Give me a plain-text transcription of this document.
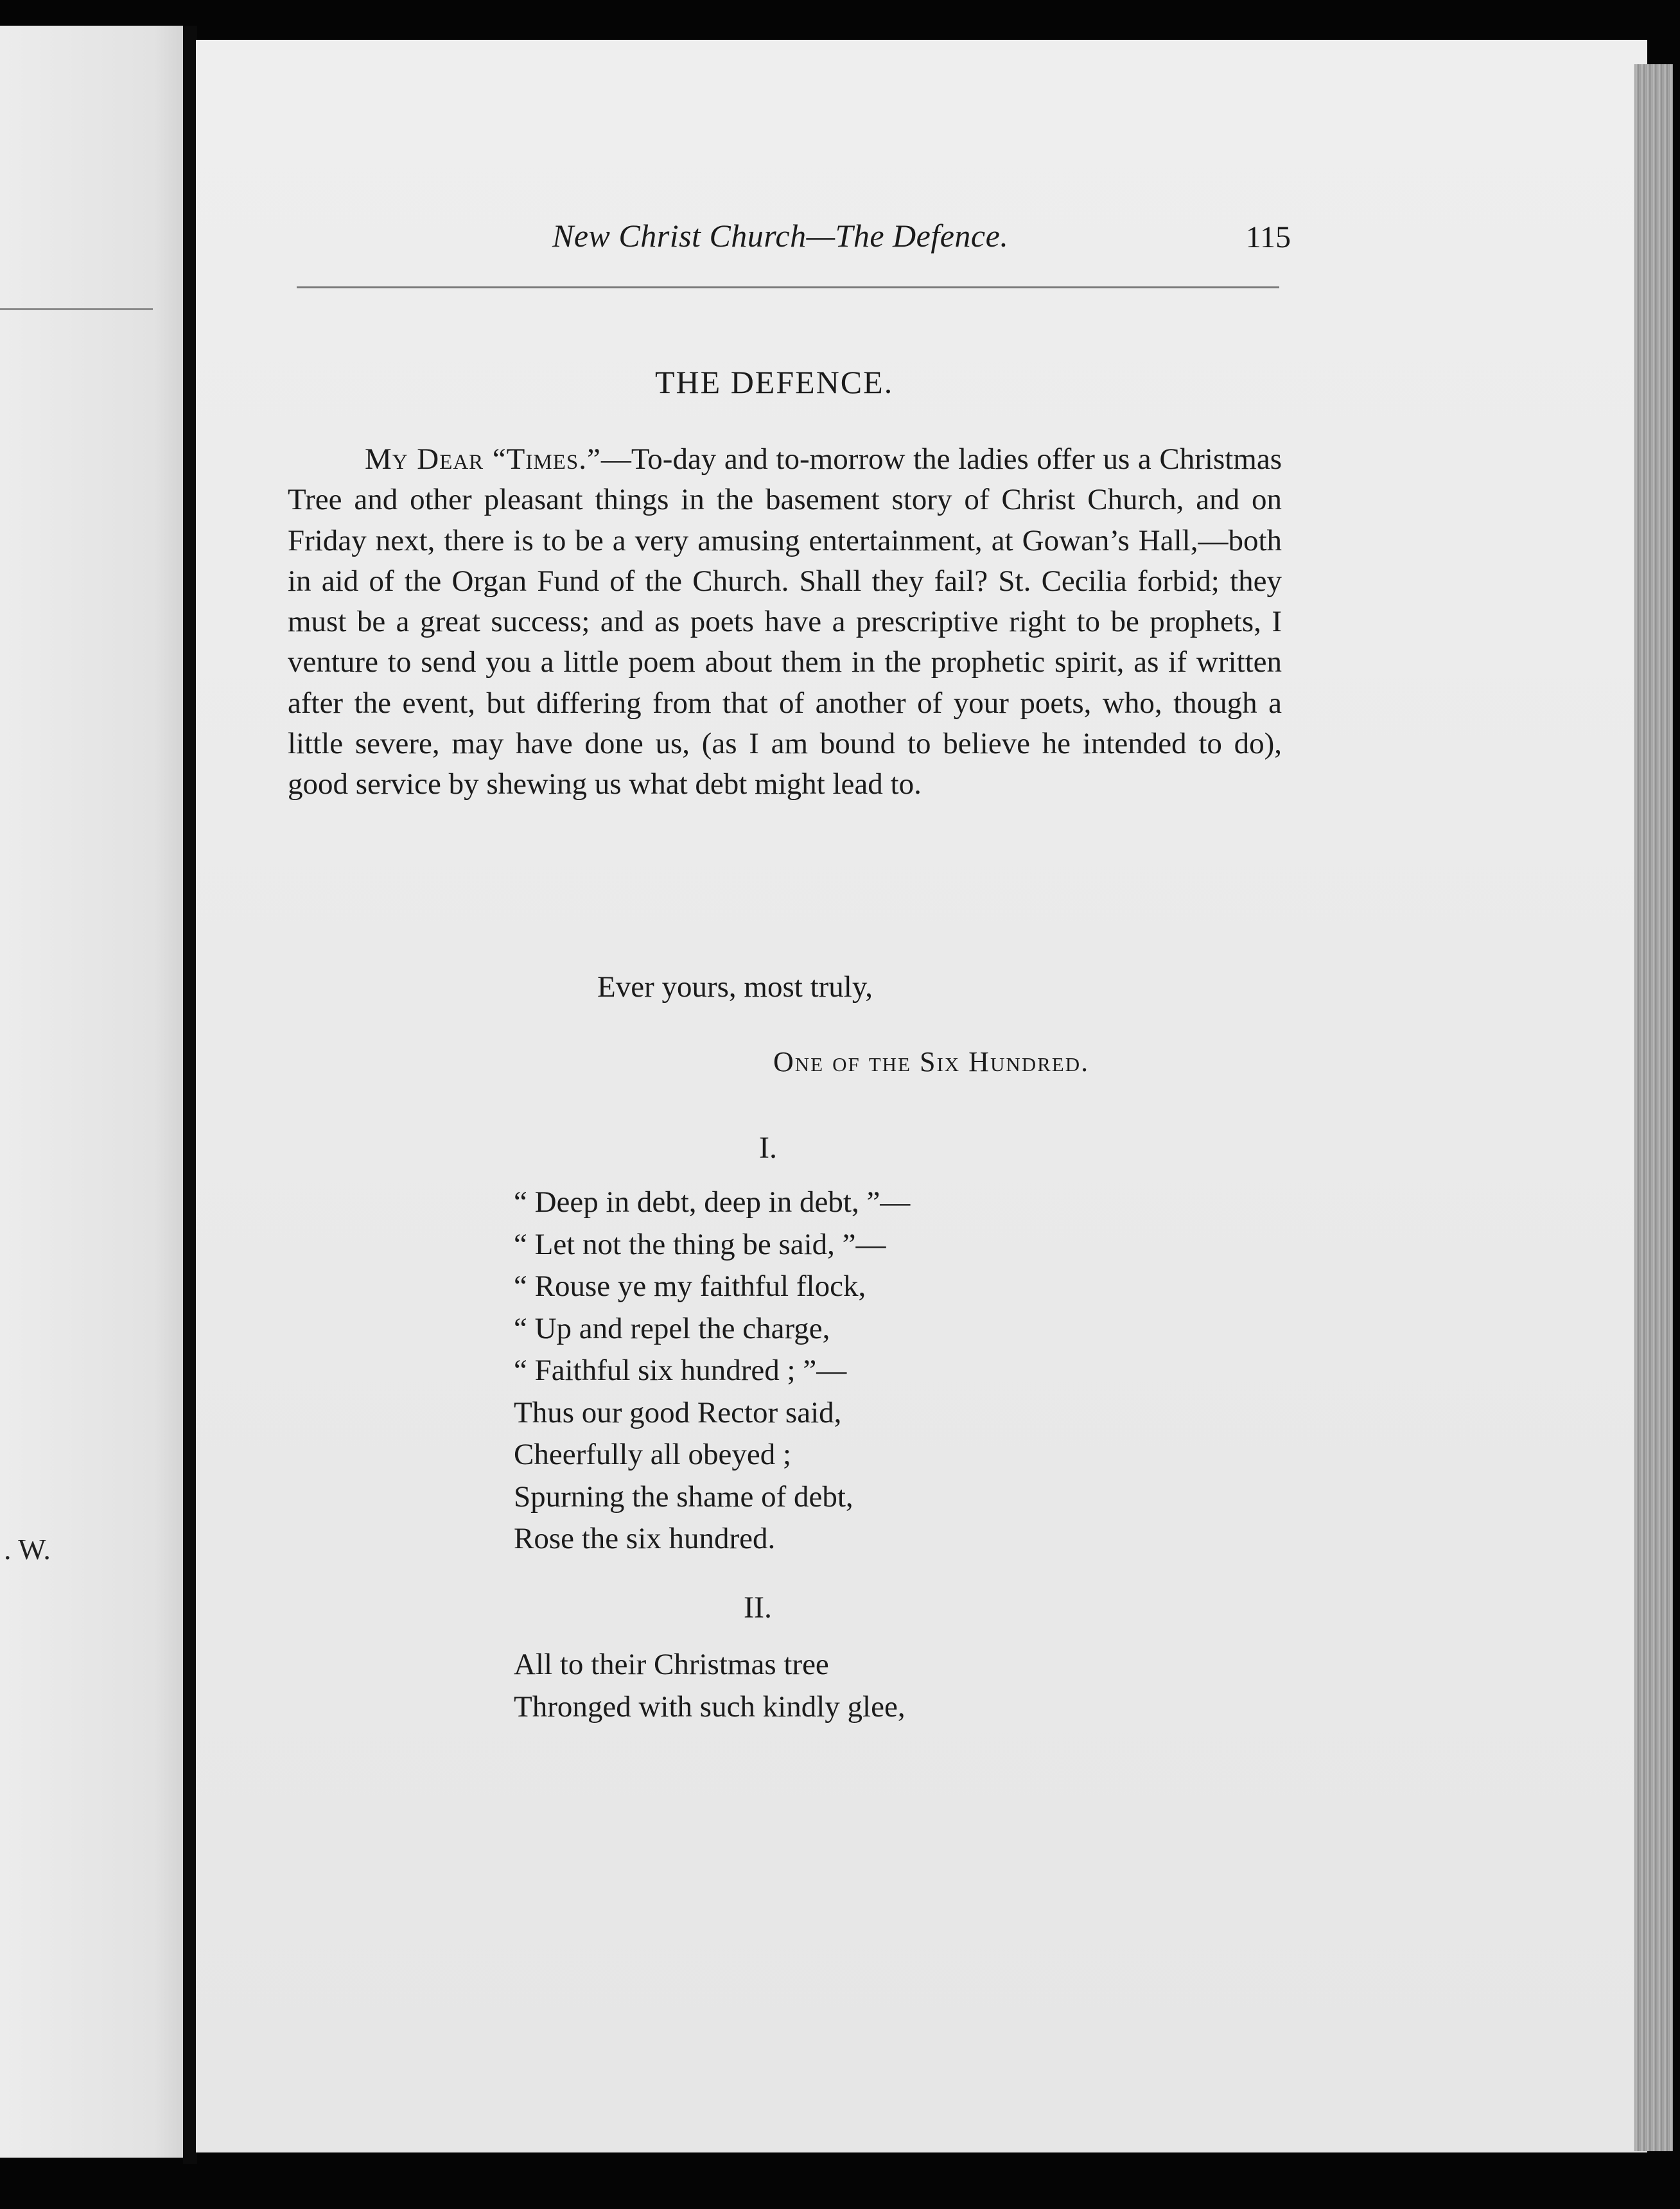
. W.
New Christ Church—The Defence.	115
THE DEFENCE.
My Dear “Times.”—To-day and to-morrow the ladies offer us a Christmas Tree and other pleasant things in the basement story of Christ Church, and on Friday next, there is to be a very amusing entertainment, at Gowan’s Hall,—both in aid of the Organ Fund of the Church. Shall they fail? St. Cecilia forbid; they must be a great success; and as poets have a prescriptive right to be prophets, I venture to send you a little poem about them in the prophetic spirit, as if written after the event, but differing from that of another of your poets, who, though a little severe, may have done us, (as I am bound to believe he intended to do), good service by shewing us what debt might lead to.
Ever yours, most truly,
One of the Six Hundred.
I.
“ Deep in debt, deep in debt, ”—
“ Let not the thing be said, ”—
“ Rouse ye my faithful flock,
“ Up and repel the charge,
“ Faithful six hundred ; ”—
Thus our good Rector said,
Cheerfully all obeyed ;
Spurning the shame of debt,
Rose the six hundred.
II.
All to their Christmas tree
Thronged with such kindly glee,
